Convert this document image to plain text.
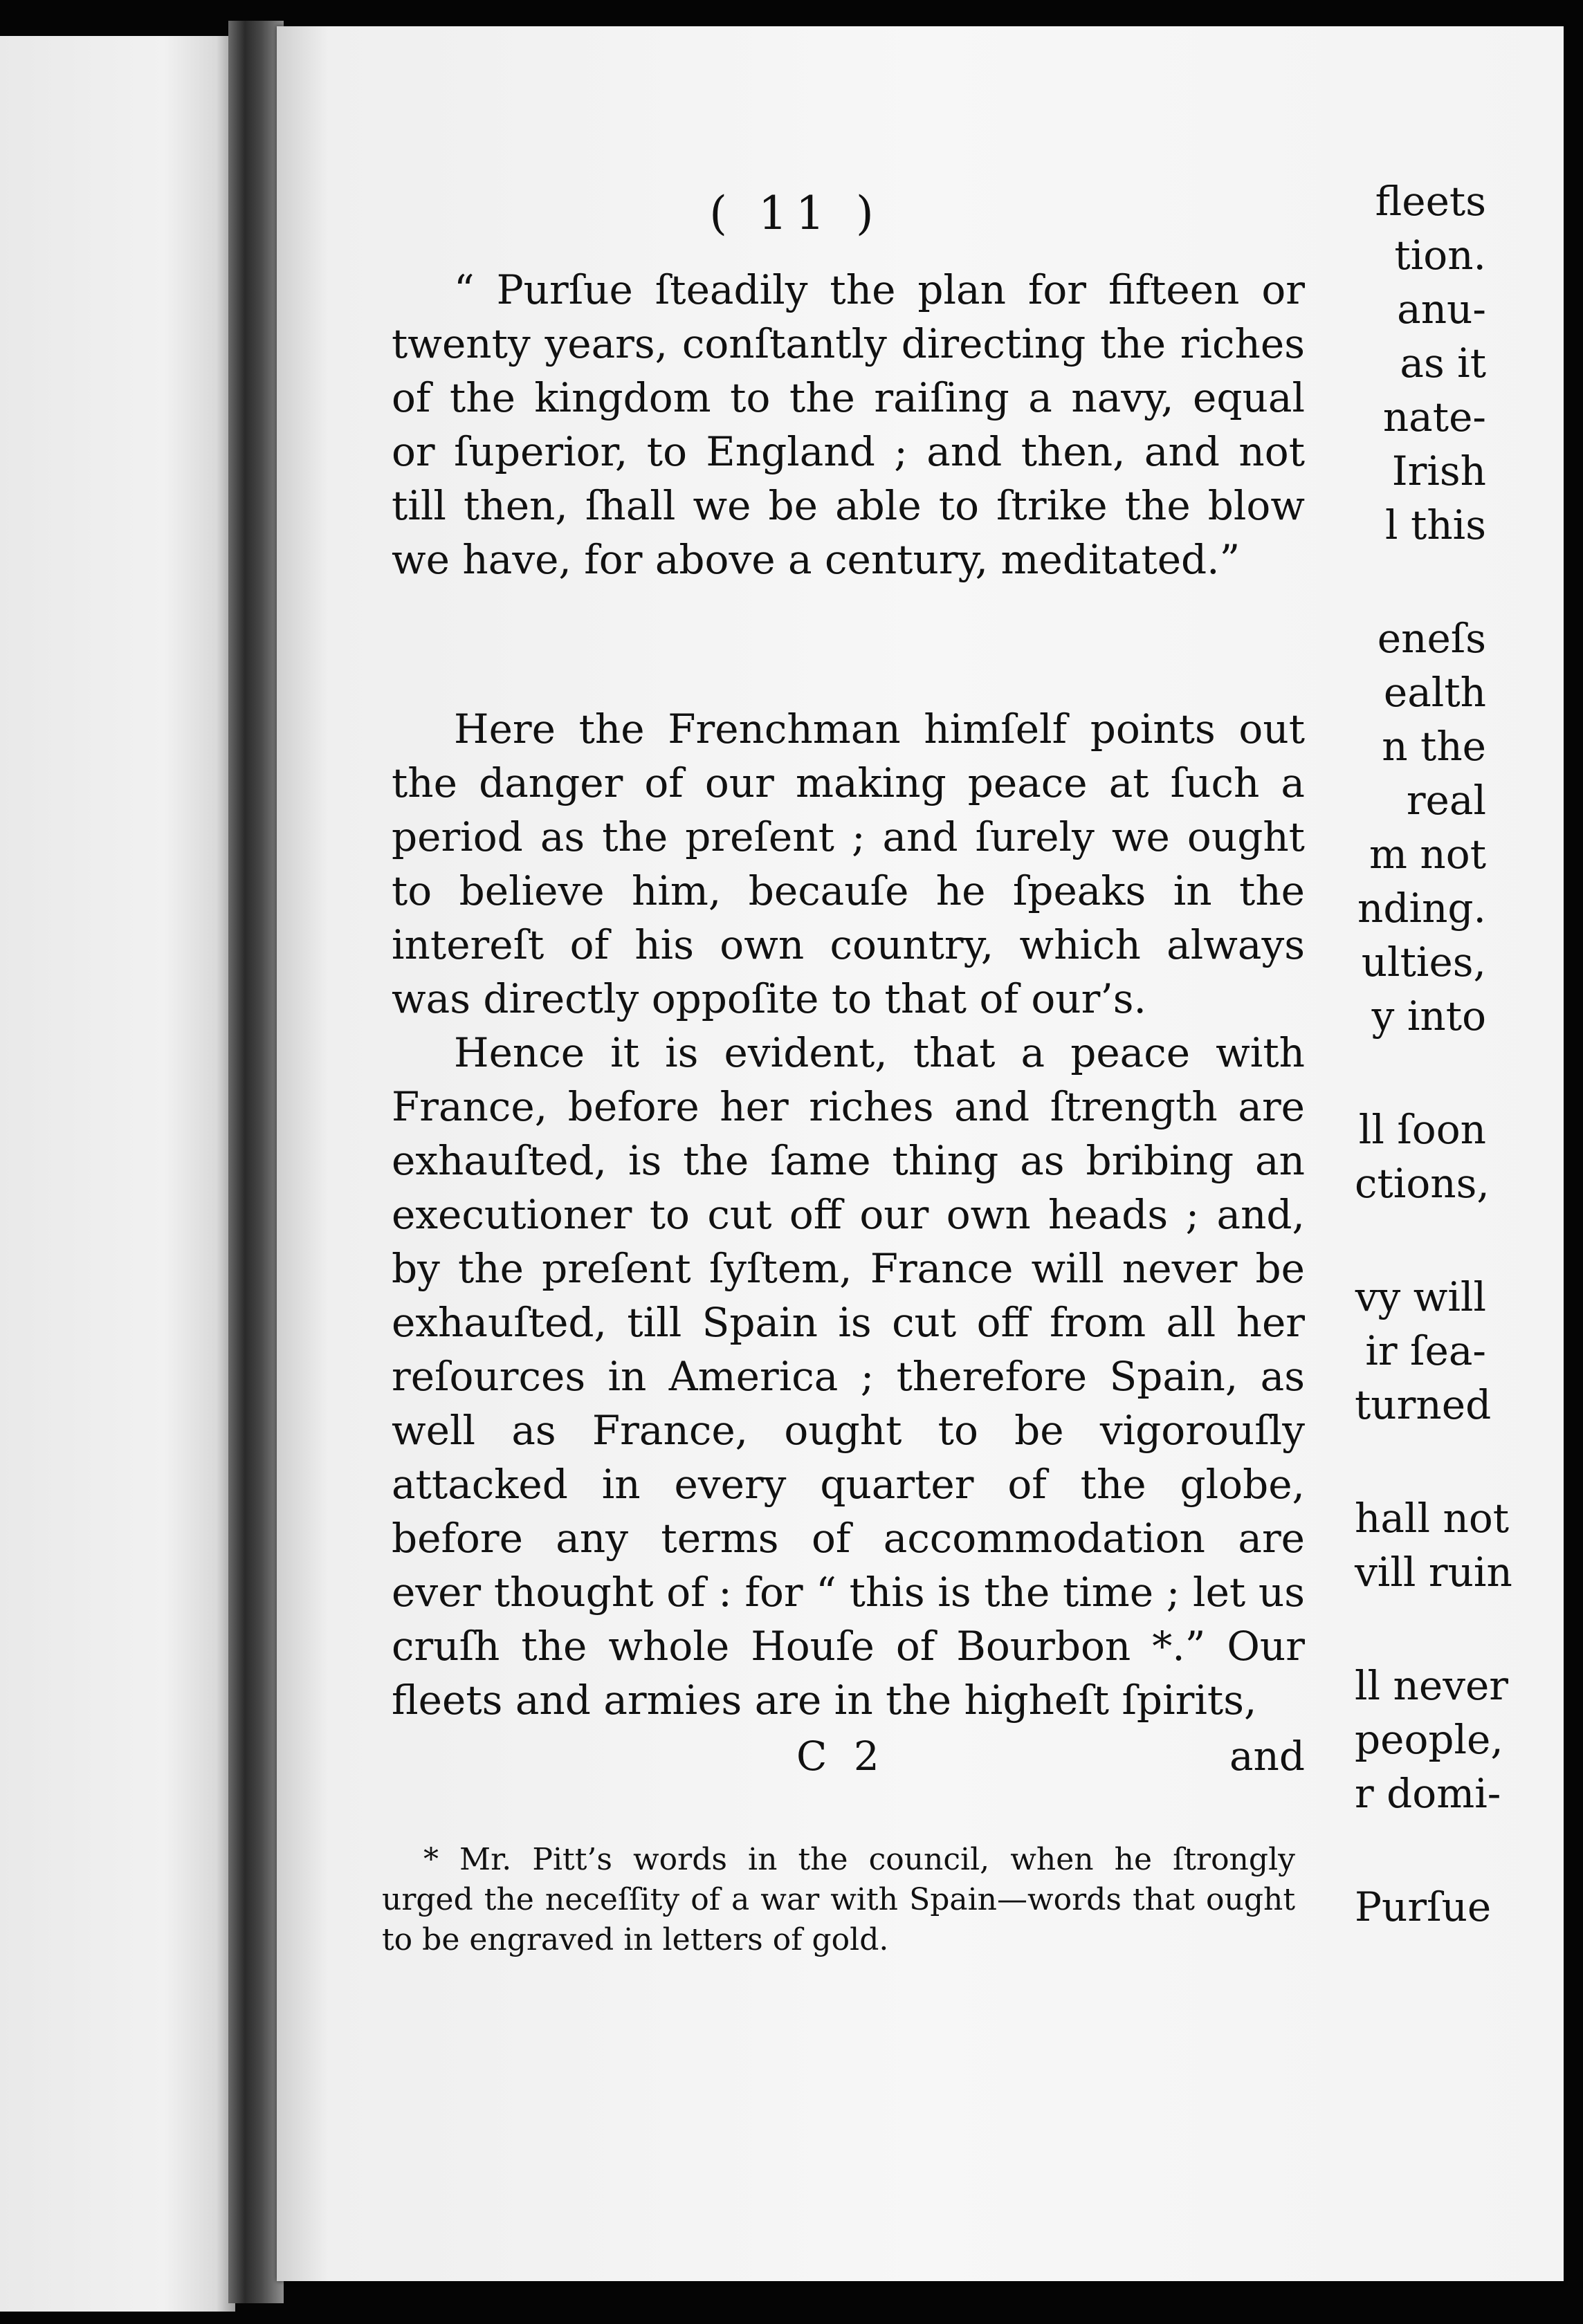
fleets
tion.
anu-
as it
nate-
Irish
l this
eneſs
ealth
n the
real
m not
nding.
ulties,
y into
ll ſoon
ctions,
vy will
ir ſea-
turned
hall not
vill ruin
ll never
people,
r domi-
Purſue
( 11 )

“ Purſue ſteadily the plan for fifteen or twenty years, conſtantly directing the riches of the kingdom to the raiſing a navy, equal or ſuperior, to England ; and then, and not till then, ſhall we be able to ſtrike the blow we have, for above a century, meditated.”

Here the Frenchman himſelf points out the danger of our making peace at ſuch a period as the preſent ; and ſurely we ought to believe him, becauſe he ſpeaks in the intereſt of his own country, which always was directly oppoſite to that of our’s.

Hence it is evident, that a peace with France, before her riches and ſtrength are exhauſted, is the ſame thing as bribing an executioner to cut off our own heads ; and, by the preſent ſyſtem, France will never be exhauſted, till Spain is cut off from all her reſources in America ; therefore Spain, as well as France, ought to be vigorouſly attacked in every quarter of the globe, before any terms of accommodation are ever thought of : for “ this is the time ; let us cruſh the whole Houſe of Bourbon *.” Our fleets and armies are in the higheſt ſpirits,

C 2	and

* Mr. Pitt’s words in the council, when he ſtrongly urged the neceſſity of a war with Spain—words that ought to be engraved in letters of gold.
